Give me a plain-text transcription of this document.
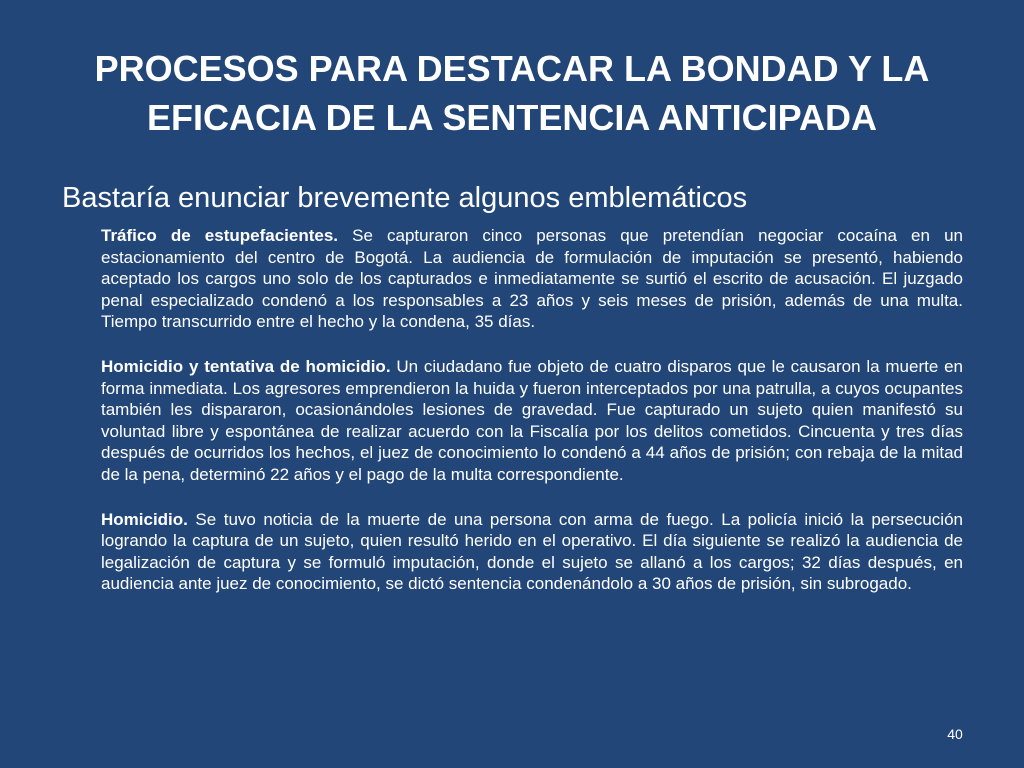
PROCESOS PARA DESTACAR LA BONDAD Y LA
EFICACIA DE LA SENTENCIA ANTICIPADA

Bastaría enunciar brevemente algunos emblemáticos

Tráfico de estupefacientes. Se capturaron cinco personas que pretendían negociar cocaína en un estacionamiento del centro de Bogotá. La audiencia de formulación de imputación se presentó, habiendo aceptado los cargos uno solo de los capturados e inmediatamente se surtió el escrito de acusación. El juzgado penal especializado condenó a los responsables a 23 años y seis meses de prisión, además de una multa. Tiempo transcurrido entre el hecho y la condena, 35 días.

Homicidio y tentativa de homicidio. Un ciudadano fue objeto de cuatro disparos que le causaron la muerte en forma inmediata. Los agresores emprendieron la huida y fueron interceptados por una patrulla, a cuyos ocupantes también les dispararon, ocasionándoles lesiones de gravedad. Fue capturado un sujeto quien manifestó su voluntad libre y espontánea de realizar acuerdo con la Fiscalía por los delitos cometidos. Cincuenta y tres días después de ocurridos los hechos, el juez de conocimiento lo condenó a 44 años de prisión; con rebaja de la mitad de la pena, determinó 22 años y el pago de la multa correspondiente.

Homicidio. Se tuvo noticia de la muerte de una persona con arma de fuego. La policía inició la persecución logrando la captura de un sujeto, quien resultó herido en el operativo. El día siguiente se realizó la audiencia de legalización de captura y se formuló imputación, donde el sujeto se allanó a los cargos; 32 días después, en audiencia ante juez de conocimiento, se dictó sentencia condenándolo a 30 años de prisión, sin subrogado.

40
